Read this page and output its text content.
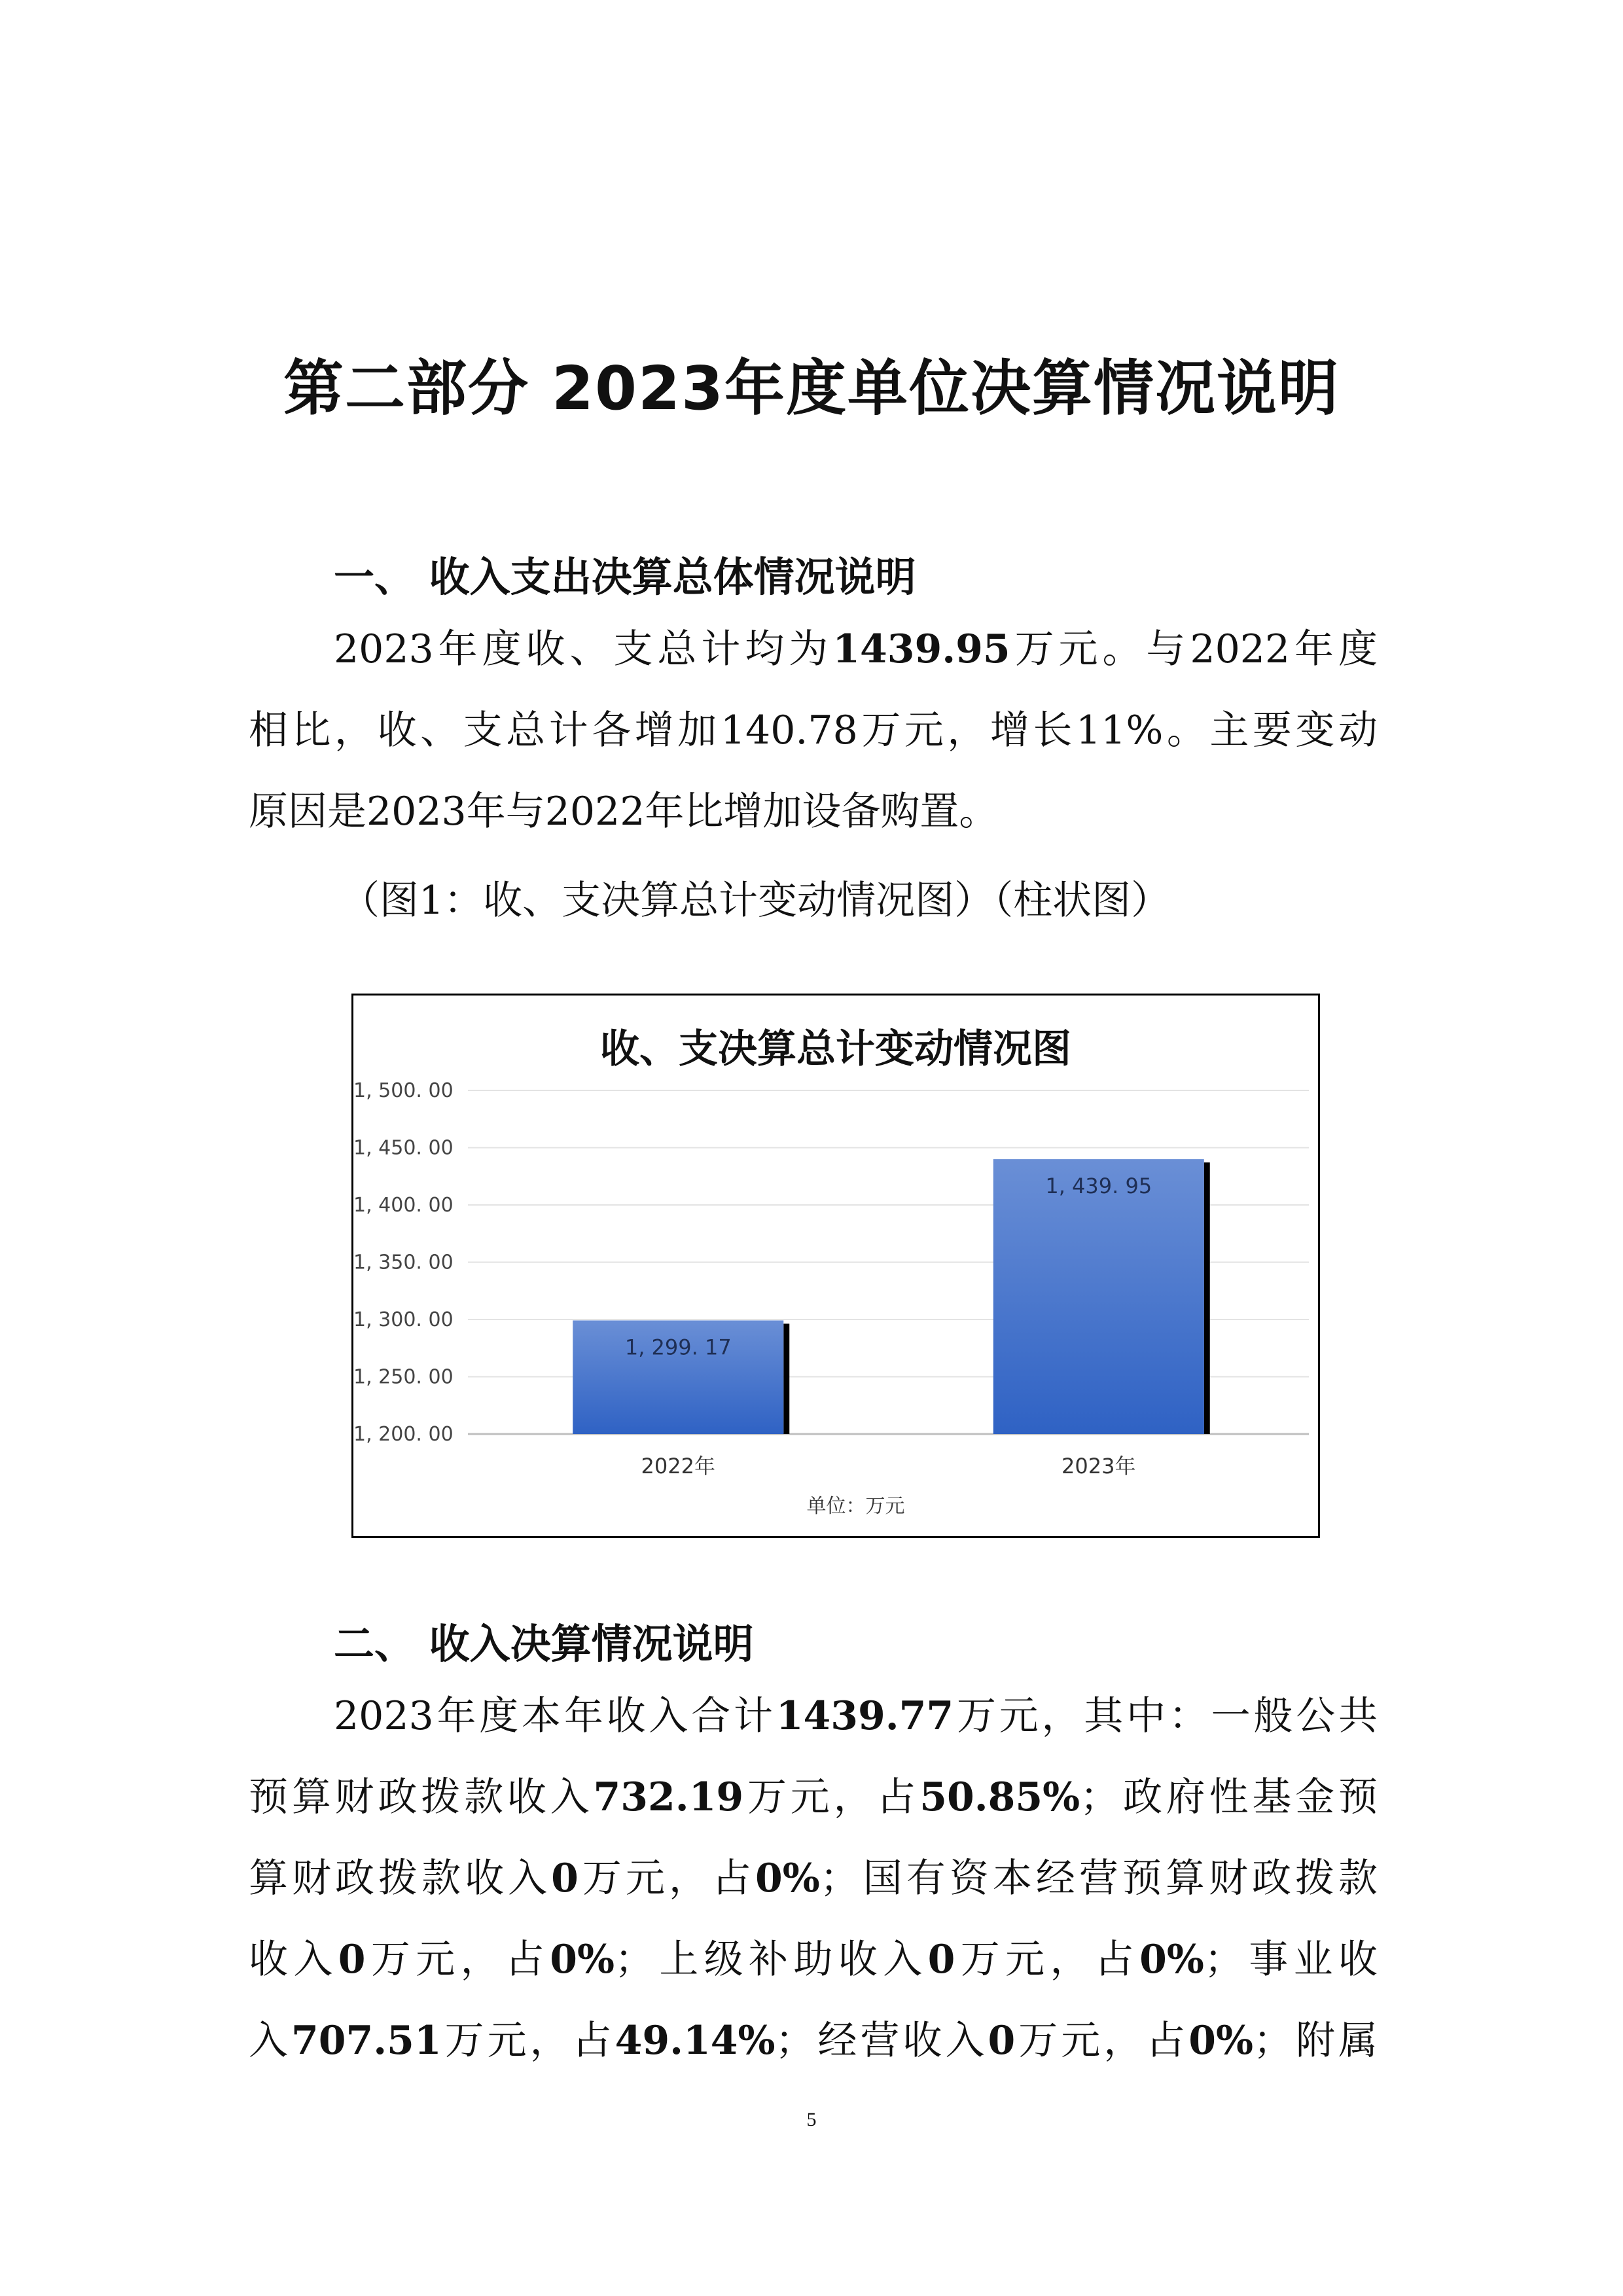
第二部分 2023年度单位决算情况说明
一、 收入支出决算总体情况说明
2023年度收、支总计均为1439.95万元。与2022年度
相比，收、支总计各增加140.78万元，增长11%。主要变动
原因是2023年与2022年比增加设备购置。
（图1：收、支决算总计变动情况图）（柱状图）
收、支决算总计变动情况图
1, 200. 00
1, 250. 00
1, 300. 00
1, 350. 00
1, 400. 00
1, 450. 00
1, 500. 00
1, 299. 17
2022年
1, 439. 95
2023年
单位：万元
二、 收入决算情况说明
2023年度本年收入合计1439.77万元，其中：一般公共
预算财政拨款收入732.19万元，占50.85%；政府性基金预
算财政拨款收入0万元，占0%；国有资本经营预算财政拨款
收入0万元，占0%；上级补助收入0万元，占0%；事业收
入707.51万元，占49.14%；经营收入0万元，占0%；附属
5
